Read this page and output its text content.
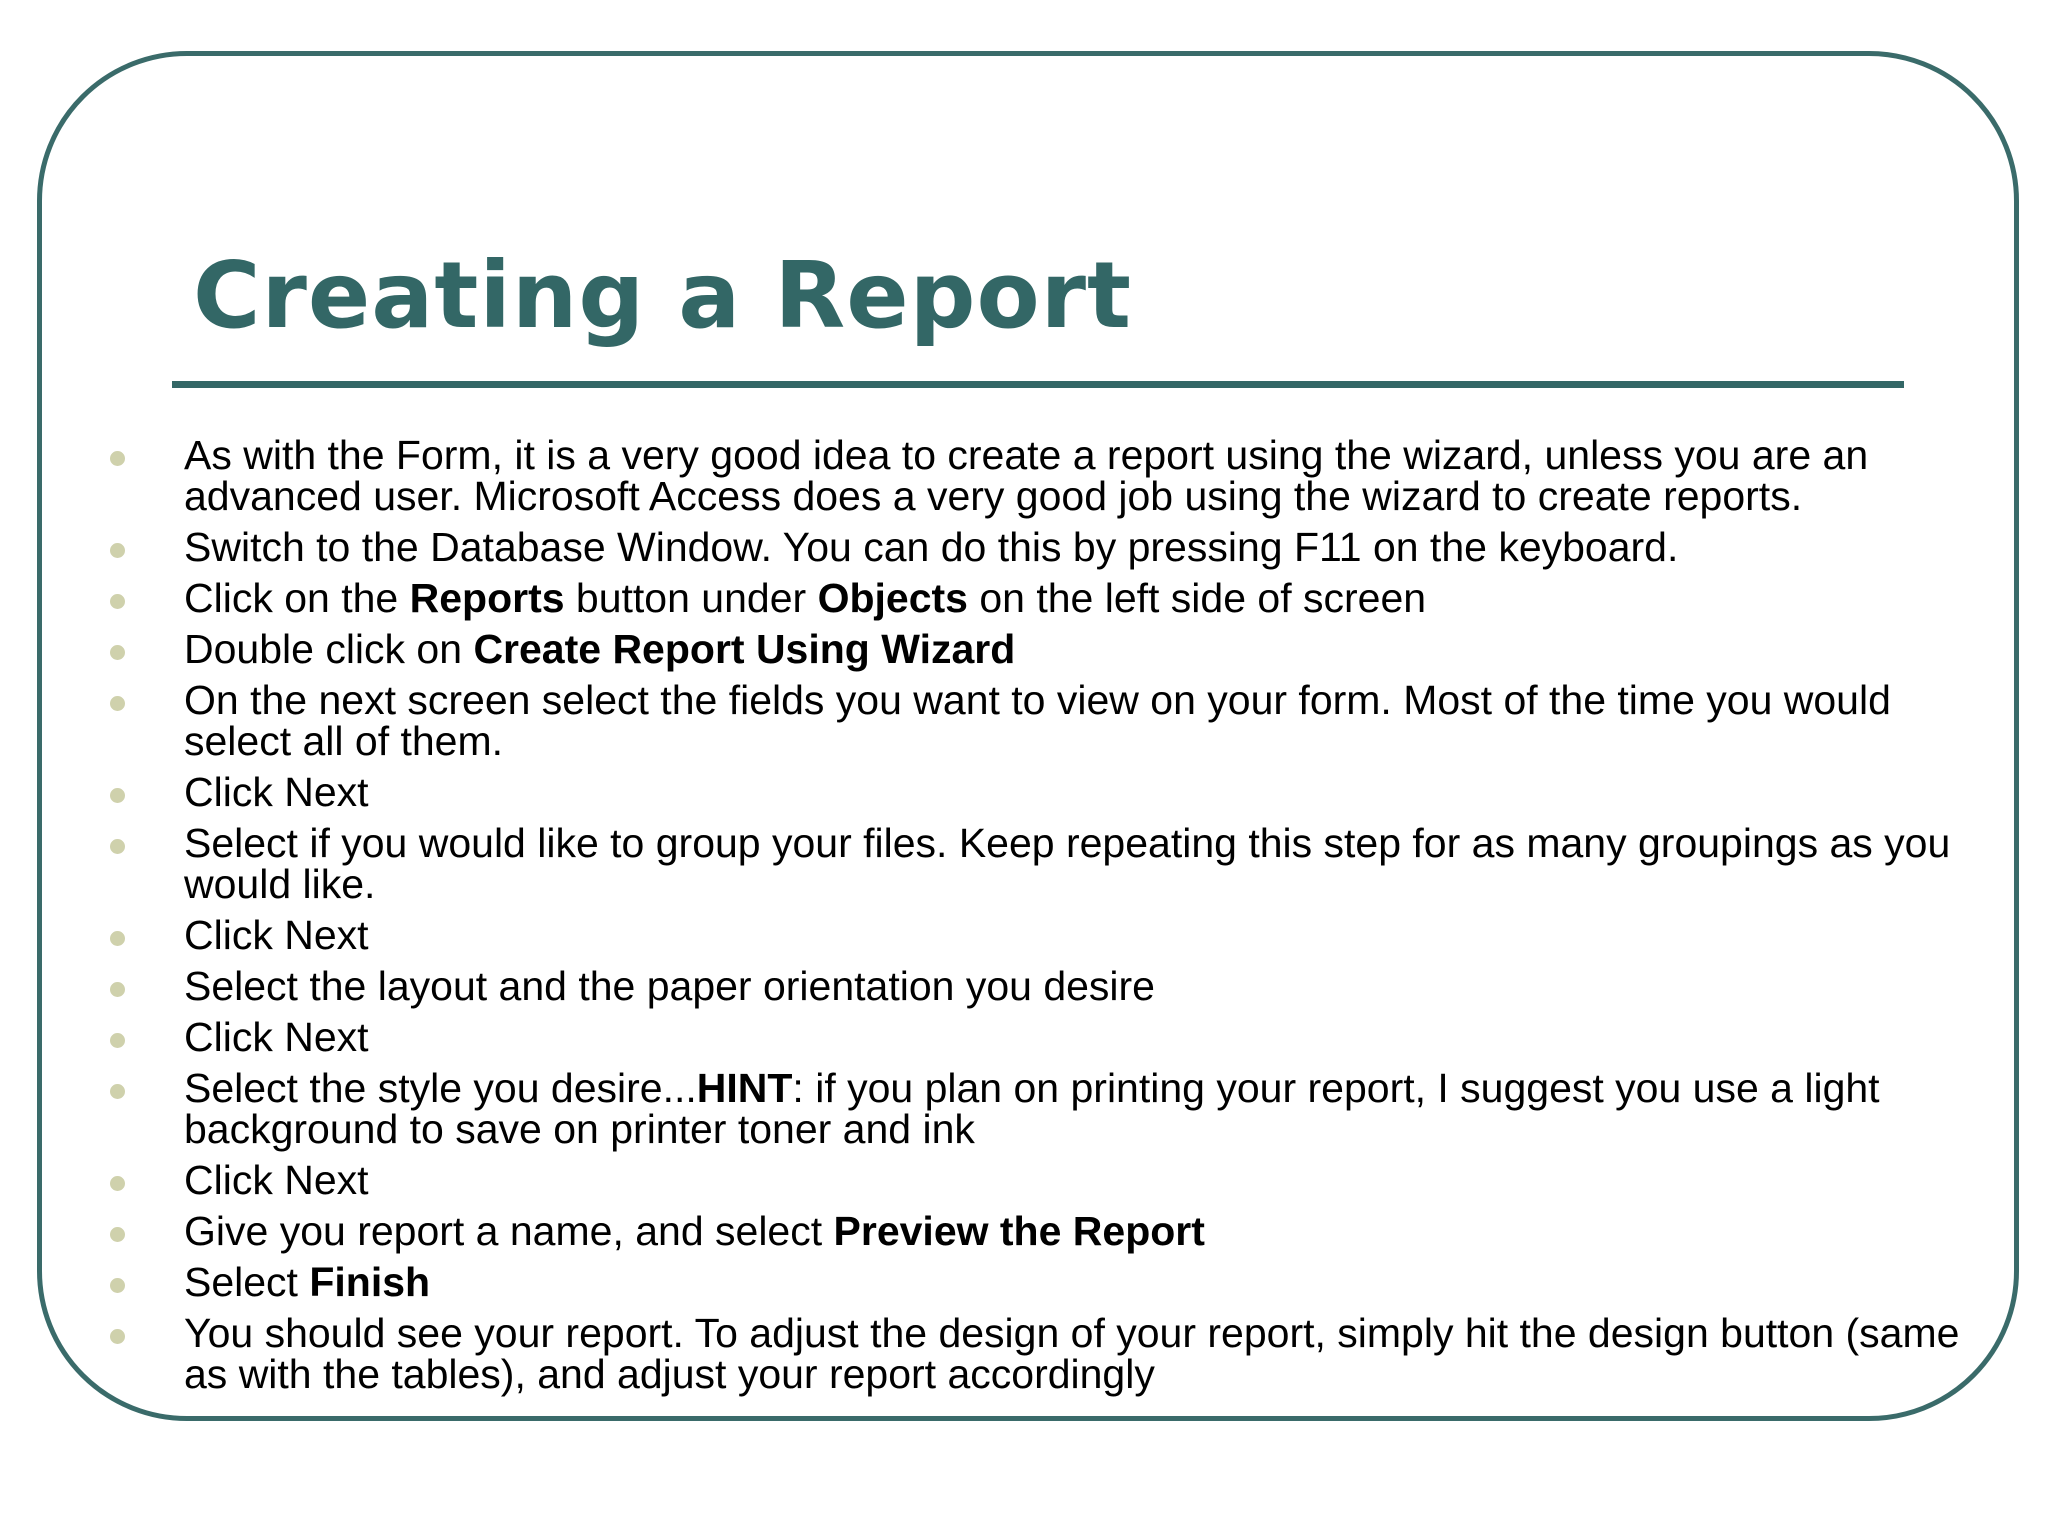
Creating a Report
As with the Form, it is a very good idea to create a report using the wizard, unless you are an advanced user. Microsoft Access does a very good job using the wizard to create reports.
Switch to the Database Window. You can do this by pressing F11 on the keyboard.
Click on the Reports button under Objects on the left side of screen
Double click on Create Report Using Wizard
On the next screen select the fields you want to view on your form. Most of the time you would select all of them.
Click Next
Select if you would like to group your files. Keep repeating this step for as many groupings as you would like.
Click Next
Select the layout and the paper orientation you desire
Click Next
Select the style you desire...HINT: if you plan on printing your report, I suggest you use a light background to save on printer toner and ink
Click Next
Give you report a name, and select Preview the Report
Select Finish
You should see your report. To adjust the design of your report, simply hit the design button (same as with the tables), and adjust your report accordingly
